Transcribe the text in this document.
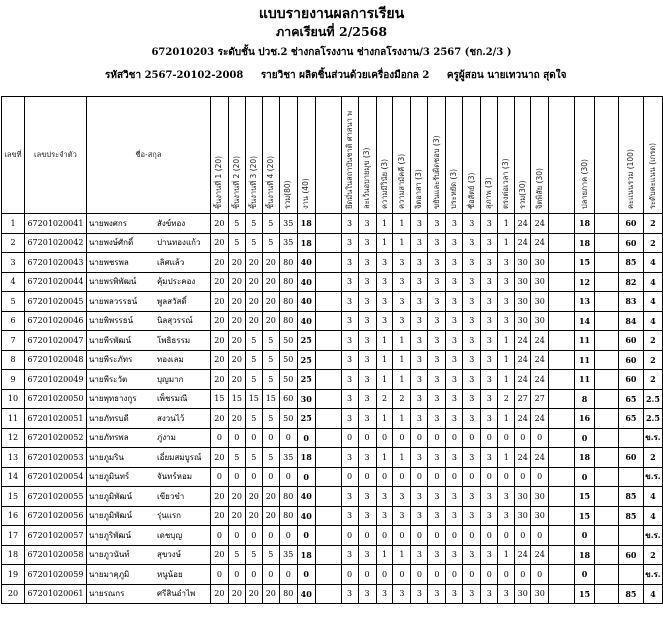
แบบรายงานผลการเรียน
ภาคเรียนที่ 2/2568
672010203 ระดับชั้น ปวช.2 ช่างกลโรงงาน ช่างกลโรงงาน/3 2567 (ชก.2/3 )
รหัสวิชา 2567-20102-2008 รายวิชา ผลิตชิ้นส่วนด้วยเครื่องมือกล 2 ครูผู้สอน นายเทวนาถ สุดใจ
เลขที่	เลขประจำตัว	ชื่อ-สกุล	ชิ้นงานที่ 1 (20)	ชิ้นงานที่ 2 (20)	ชิ้นงานที่ 3 (20)	ชิ้นงานที่ 4 (20)	รวม(80)	งาน (40)		ยึดมั่นในสถาบันชาติ ศาสนา พ	ละเว้นอบายมุข (3)	ความมีวินัย (3)	ความสามัคคี (3)	จิตอาสา (3)	ขยันและรับผิดชอบ (3)	ประหยัด (3)	ซื่อสัตย์ (3)	สุภาพ (3)	ตรงต่อเวลา (3)	รวม(30)	จิตพิสัย (30)		ปลายภาค (30)		คะแนนรวม (100)	ระดับคะแนน (เกรด)
1	67201020041	นายพงศกร สังข์ทอง	20	5	5	5	35	18		3	3	1	1	3	3	3	3	3	1	24	24		18		60	2
2	67201020042	นายพงษ์ศักดิ์ ปานทองแก้ว	20	5	5	5	35	18		3	3	1	1	3	3	3	3	3	1	24	24		18		60	2
3	67201020043	นายพชรพล เลิศแล้ว	20	20	20	20	80	40		3	3	3	3	3	3	3	3	3	3	30	30		15		85	4
4	67201020044	นายพรพิพัฒน์ คุ้มประคอง	20	20	20	20	80	40		3	3	3	3	3	3	3	3	3	3	30	30		12		82	4
5	67201020045	นายพลวรรธน์ พูลสวัสดิ์	20	20	20	20	80	40		3	3	3	3	3	3	3	3	3	3	30	30		13		83	4
6	67201020046	นายพิพรรธน์ นิลสุวรรณ์	20	20	20	20	80	40		3	3	3	3	3	3	3	3	3	3	30	30		14		84	4
7	67201020047	นายพีรพัฒน์ โพธิธรรม	20	20	5	5	50	25		3	3	1	1	3	3	3	3	3	1	24	24		11		60	2
8	67201020048	นายพีระภัทร ทองเลม	20	20	5	5	50	25		3	3	1	1	3	3	3	3	3	1	24	24		11		60	2
9	67201020049	นายพีระวัต บุญมาก	20	20	5	5	50	25		3	3	1	1	3	3	3	3	3	1	24	24		11		60	2
10	67201020050	นายพุทธางกูร เพ็ชรมณี	15	15	15	15	60	30		3	3	2	2	3	3	3	3	3	2	27	27		8		65	2.5
11	67201020051	นายภัทรบดี สงวนไว้	20	20	5	5	50	25		3	3	1	1	3	3	3	3	3	1	24	24		16		65	2.5
12	67201020052	นายภัทรพล ภู่งาม	0	0	0	0	0	0		0	0	0	0	0	0	0	0	0	0	0	0		0			ข.ร.
13	67201020053	นายภูมริน เอี่ยมสมบูรณ์	20	5	5	5	35	18		3	3	1	1	3	3	3	3	3	1	24	24		18		60	2
14	67201020054	นายภูมินทร์ จันทร์หอม	0	0	0	0	0	0		0	0	0	0	0	0	0	0	0	0	0	0		0			ข.ร.
15	67201020055	นายภูมิพัฒน์ เขียวขำ	20	20	20	20	80	40		3	3	3	3	3	3	3	3	3	3	30	30		15		85	4
16	67201020056	นายภูมิพัฒน์ รุ่นแรก	20	20	20	20	80	40		3	3	3	3	3	3	3	3	3	3	30	30		15		85	4
17	67201020057	นายภูริพัฒน์ เดชบุญ	0	0	0	0	0	0		0	0	0	0	0	0	0	0	0	0	0	0		0			ข.ร.
18	67201020058	นายภูวนันท์ สุขวงษ์	20	5	5	5	35	18		3	3	1	1	3	3	3	3	3	1	24	24		18		60	2
19	67201020059	นายมาคุภูมิ หนูน้อย	0	0	0	0	0	0		0	0	0	0	0	0	0	0	0	0	0	0		0			ข.ร.
20	67201020061	นายรณกร ศรีสินอำไพ	20	20	20	20	80	40		3	3	3	3	3	3	3	3	3	3	30	30		15		85	4
